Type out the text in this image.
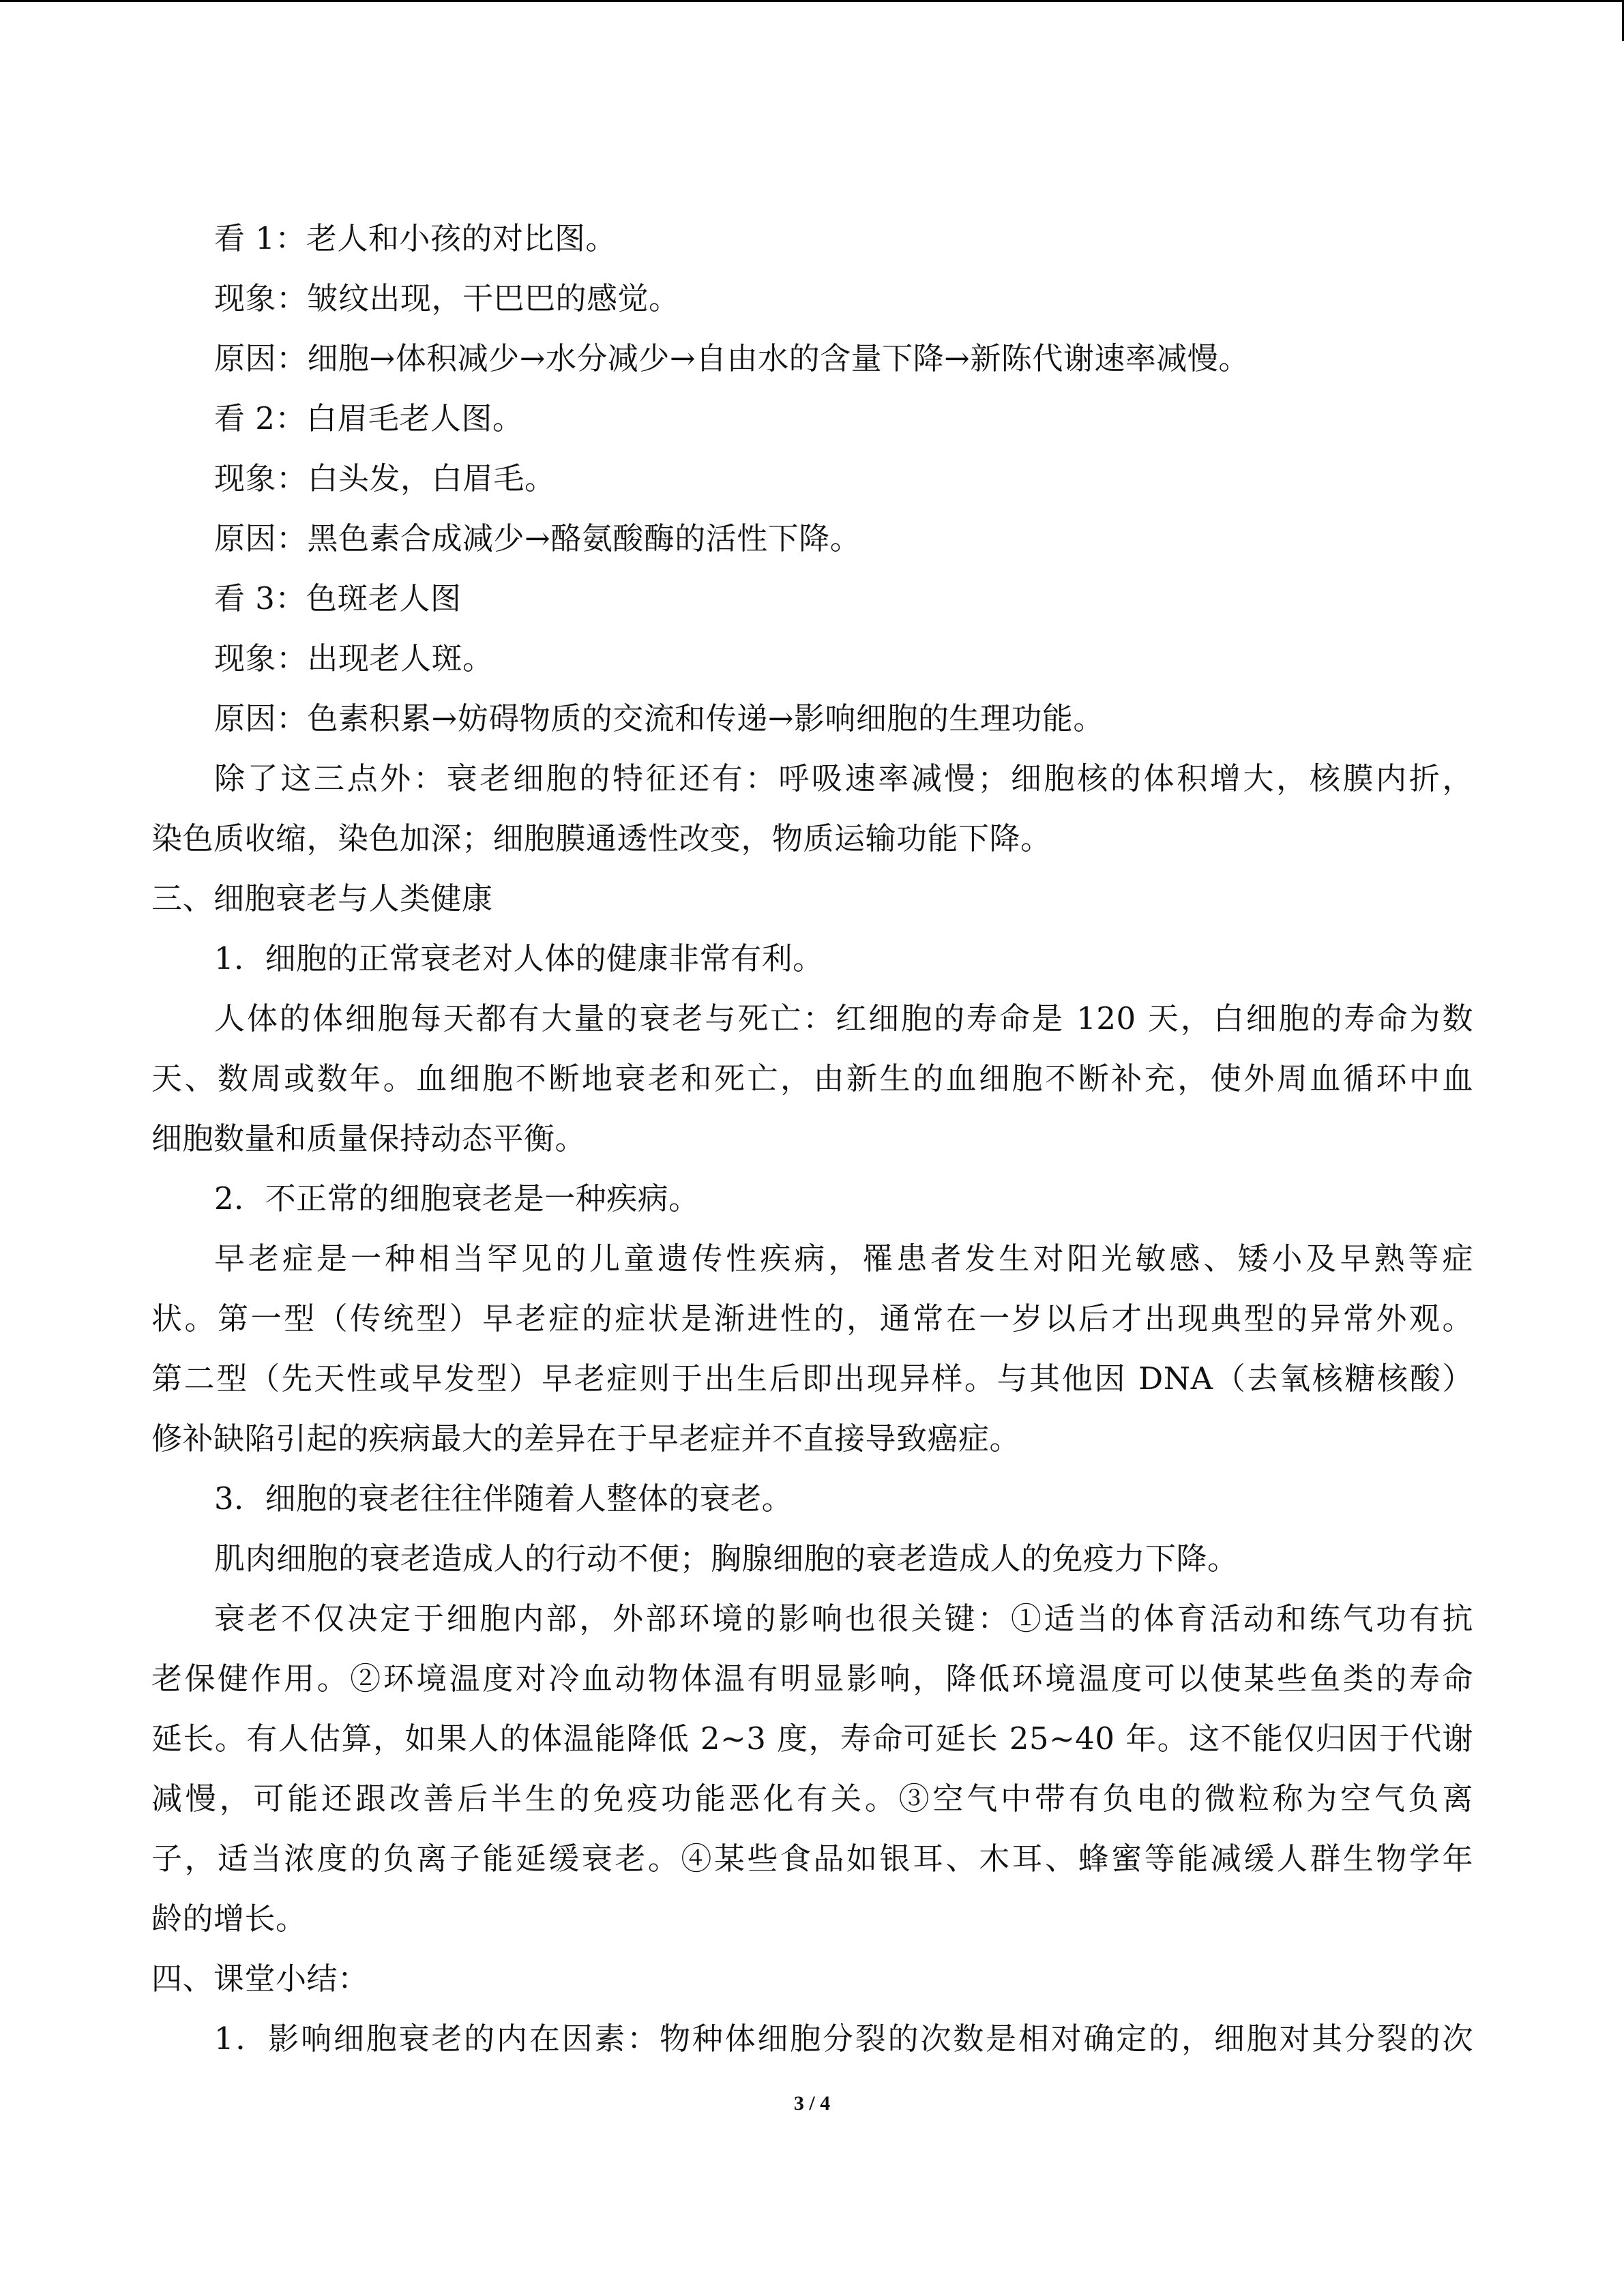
看 1：老人和小孩的对比图。
现象：皱纹出现，干巴巴的感觉。
原因：细胞→体积减少→水分减少→自由水的含量下降→新陈代谢速率减慢。
看 2：白眉毛老人图。
现象：白头发，白眉毛。
原因：黑色素合成减少→酪氨酸酶的活性下降。
看 3：色斑老人图
现象：出现老人斑。
原因：色素积累→妨碍物质的交流和传递→影响细胞的生理功能。
除了这三点外：衰老细胞的特征还有：呼吸速率减慢；细胞核的体积增大，核膜内折，
染色质收缩，染色加深；细胞膜通透性改变，物质运输功能下降。
三、细胞衰老与人类健康
1．细胞的正常衰老对人体的健康非常有利。
人体的体细胞每天都有大量的衰老与死亡：红细胞的寿命是 120 天，白细胞的寿命为数
天、数周或数年。血细胞不断地衰老和死亡，由新生的血细胞不断补充，使外周血循环中血
细胞数量和质量保持动态平衡。
2．不正常的细胞衰老是一种疾病。
早老症是一种相当罕见的儿童遗传性疾病，罹患者发生对阳光敏感、矮小及早熟等症
状。第一型（传统型）早老症的症状是渐进性的，通常在一岁以后才出现典型的异常外观。
第二型（先天性或早发型）早老症则于出生后即出现异样。与其他因 DNA（去氧核糖核酸）
修补缺陷引起的疾病最大的差异在于早老症并不直接导致癌症。
3．细胞的衰老往往伴随着人整体的衰老。
肌肉细胞的衰老造成人的行动不便；胸腺细胞的衰老造成人的免疫力下降。
衰老不仅决定于细胞内部，外部环境的影响也很关键：①适当的体育活动和练气功有抗
老保健作用。②环境温度对冷血动物体温有明显影响，降低环境温度可以使某些鱼类的寿命
延长。有人估算，如果人的体温能降低 2~3 度，寿命可延长 25~40 年。这不能仅归因于代谢
减慢，可能还跟改善后半生的免疫功能恶化有关。③空气中带有负电的微粒称为空气负离
子，适当浓度的负离子能延缓衰老。④某些食品如银耳、木耳、蜂蜜等能减缓人群生物学年
龄的增长。
四、课堂小结：
1．影响细胞衰老的内在因素：物种体细胞分裂的次数是相对确定的，细胞对其分裂的次
3 / 4
